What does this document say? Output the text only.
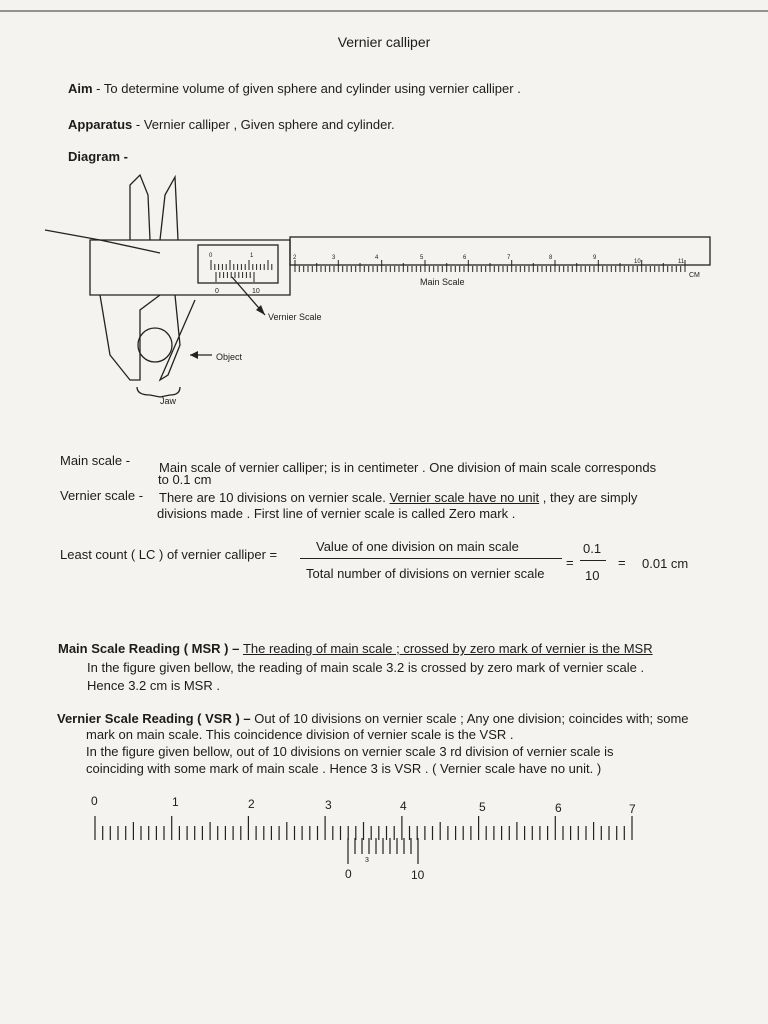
Vernier calliper
Aim - To determine volume of given sphere and cylinder using vernier calliper .
Apparatus - Vernier calliper , Given sphere and cylinder.
Diagram -
2	3	4	5	6	7	8	9
10	11
0	1
0	10
CM
Main Scale
Vernier Scale
Object
Jaw
Main scale - Main scale of vernier calliper; is in centimeter . One division of main scale corresponds
to 0.1 cm
Vernier scale - There are 10 divisions on vernier scale. Vernier scale have no unit , they are simply
divisions made . First line of vernier scale is called Zero mark .
Least count ( LC ) of vernier calliper =
Value of one division on main scale
Total number of divisions on vernier scale
=
0.1
10
= 0.01 cm
Main Scale Reading ( MSR ) – The reading of main scale ; crossed by zero mark of vernier is the MSR
In the figure given bellow, the reading of main scale 3.2 is crossed by zero mark of vernier scale .
Hence 3.2 cm is MSR .
Vernier Scale Reading ( VSR ) – Out of 10 divisions on vernier scale ; Any one division; coincides with; some
mark on main scale. This coincidence division of vernier scale is the VSR .
In the figure given bellow, out of 10 divisions on vernier scale 3 rd division of vernier scale is
coinciding with some mark of main scale . Hence 3 is VSR . ( Vernier scale have no unit. )
0	1	2	3	4	5	6	7
0	10
3
